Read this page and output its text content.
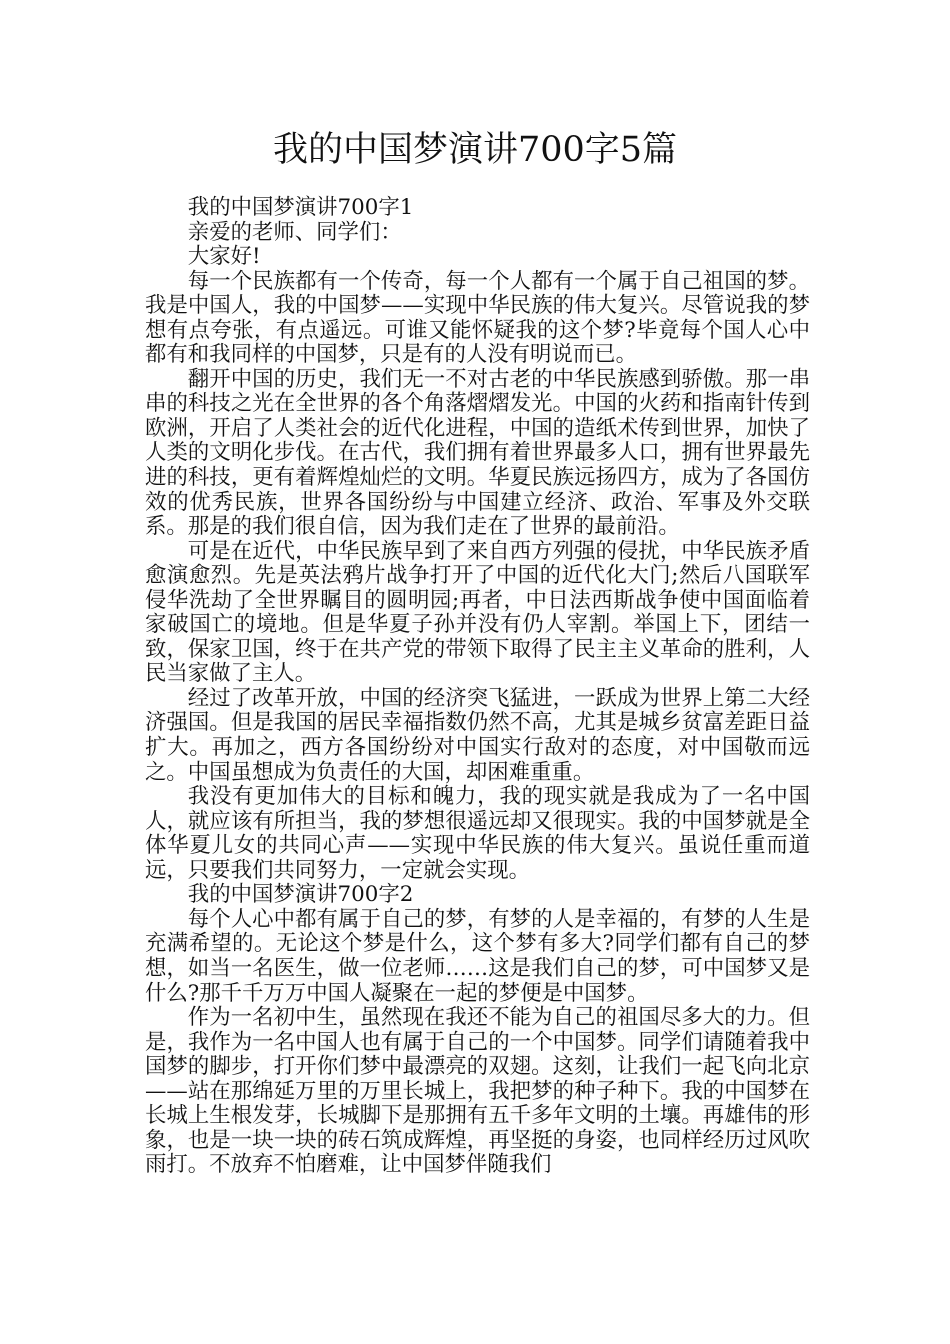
我的中国梦演讲700字5篇

我的中国梦演讲700字1

亲爱的老师、同学们：

大家好!

每一个民族都有一个传奇，每一个人都有一个属于自己祖国的梦。我是中国人，我的中国梦——实现中华民族的伟大复兴。尽管说我的梦想有点夸张，有点遥远。可谁又能怀疑我的这个梦?毕竟每个国人心中都有和我同样的中国梦，只是有的人没有明说而已。

翻开中国的历史，我们无一不对古老的中华民族感到骄傲。那一串串的科技之光在全世界的各个角落熠熠发光。中国的火药和指南针传到欧洲，开启了人类社会的近代化进程，中国的造纸术传到世界，加快了人类的文明化步伐。在古代，我们拥有着世界最多人口，拥有世界最先进的科技，更有着辉煌灿烂的文明。华夏民族远扬四方，成为了各国仿效的优秀民族，世界各国纷纷与中国建立经济、政治、军事及外交联系。那是的我们很自信，因为我们走在了世界的最前沿。

可是在近代，中华民族早到了来自西方列强的侵扰，中华民族矛盾愈演愈烈。先是英法鸦片战争打开了中国的近代化大门;然后八国联军侵华洗劫了全世界瞩目的圆明园;再者，中日法西斯战争使中国面临着家破国亡的境地。但是华夏子孙并没有仍人宰割。举国上下，团结一致，保家卫国，终于在共产党的带领下取得了民主主义革命的胜利，人民当家做了主人。

经过了改革开放，中国的经济突飞猛进，一跃成为世界上第二大经济强国。但是我国的居民幸福指数仍然不高，尤其是城乡贫富差距日益扩大。再加之，西方各国纷纷对中国实行敌对的态度，对中国敬而远之。中国虽想成为负责任的大国，却困难重重。

我没有更加伟大的目标和魄力，我的现实就是我成为了一名中国人，就应该有所担当，我的梦想很遥远却又很现实。我的中国梦就是全体华夏儿女的共同心声——实现中华民族的伟大复兴。虽说任重而道远，只要我们共同努力，一定就会实现。

我的中国梦演讲700字2

每个人心中都有属于自己的梦，有梦的人是幸福的，有梦的人生是充满希望的。无论这个梦是什么，这个梦有多大?同学们都有自己的梦想，如当一名医生，做一位老师……这是我们自己的梦，可中国梦又是什么?那千千万万中国人凝聚在一起的梦便是中国梦。

作为一名初中生，虽然现在我还不能为自己的祖国尽多大的力。但是，我作为一名中国人也有属于自己的一个中国梦。同学们请随着我中国梦的脚步，打开你们梦中最漂亮的双翅。这刻，让我们一起飞向北京——站在那绵延万里的万里长城上，我把梦的种子种下。我的中国梦在长城上生根发芽，长城脚下是那拥有五千多年文明的土壤。再雄伟的形象，也是一块一块的砖石筑成辉煌，再坚挺的身姿，也同样经历过风吹雨打。不放弃不怕磨难，让中国梦伴随我们
